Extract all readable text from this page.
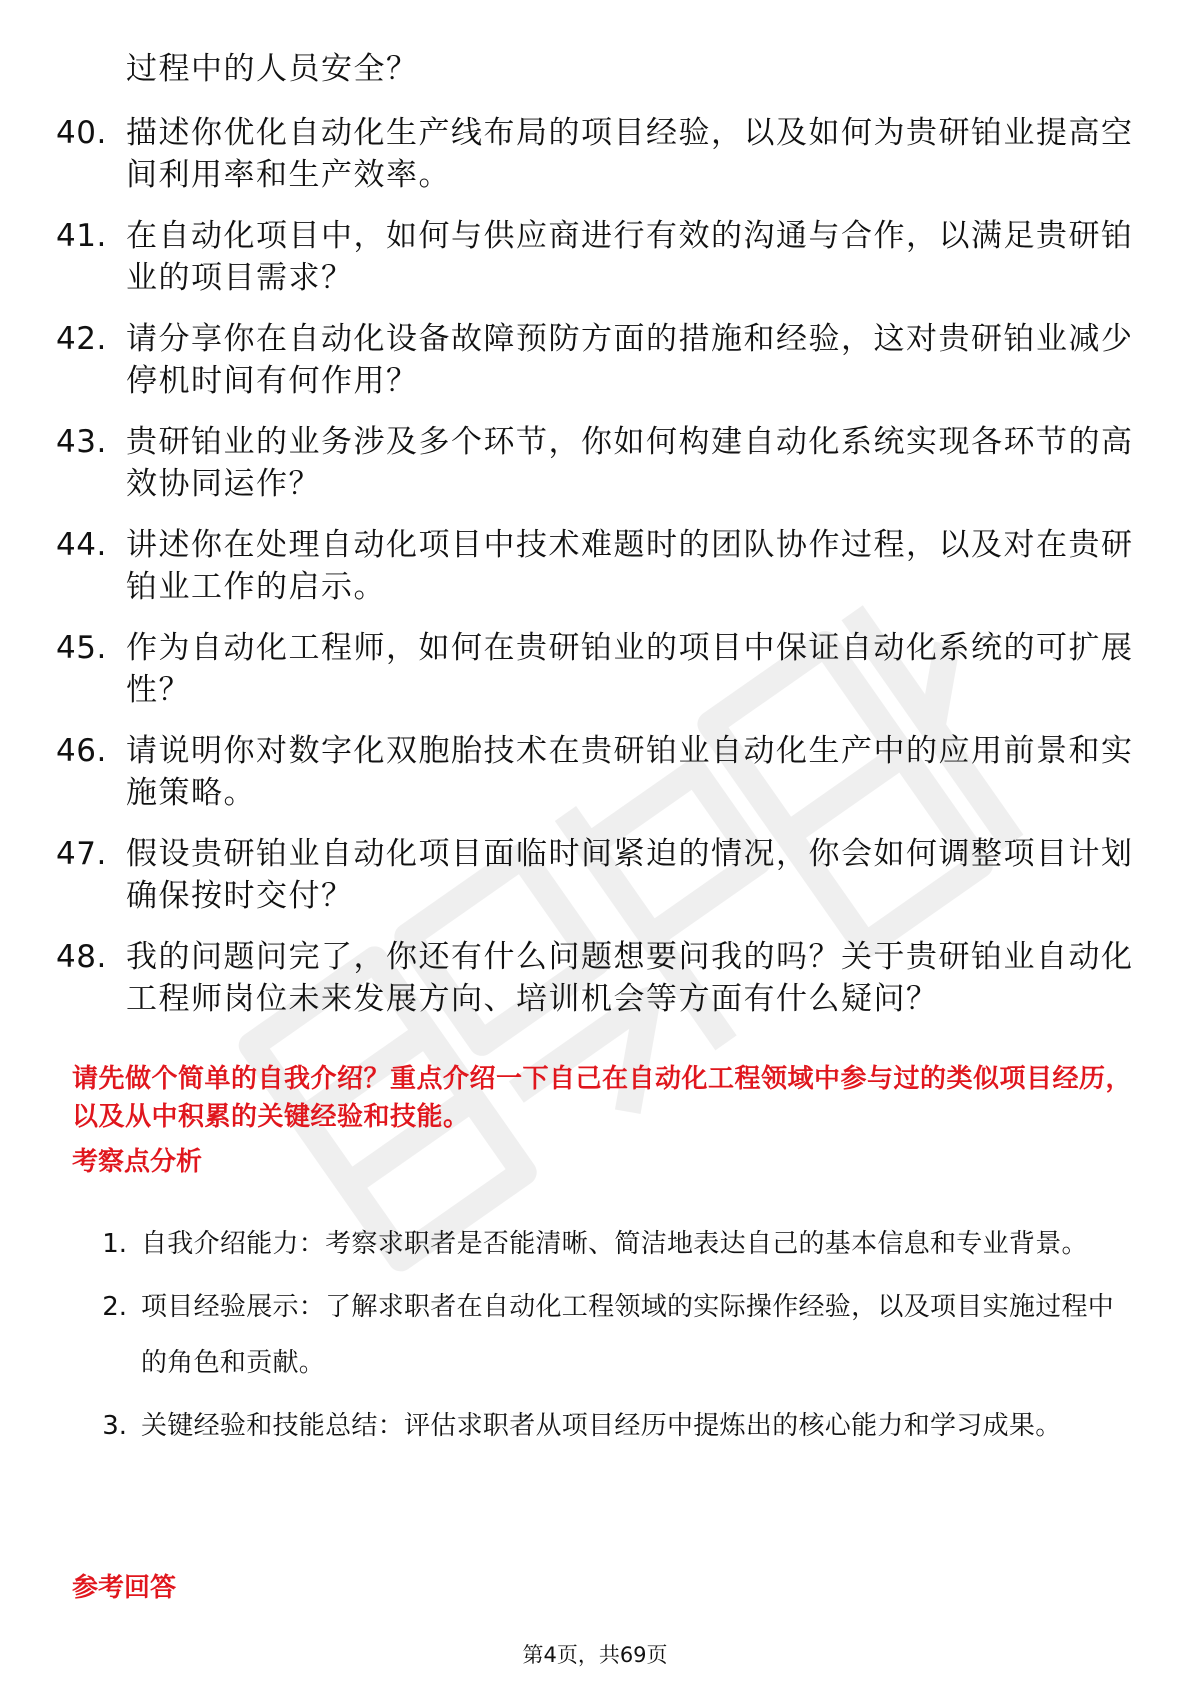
过程中的人员安全？
40. 描述你优化自动化生产线布局的项目经验，以及如何为贵研铂业提高空间利用率和生产效率。
41. 在自动化项目中，如何与供应商进行有效的沟通与合作，以满足贵研铂业的项目需求？
42. 请分享你在自动化设备故障预防方面的措施和经验，这对贵研铂业减少停机时间有何作用？
43. 贵研铂业的业务涉及多个环节，你如何构建自动化系统实现各环节的高效协同运作？
44. 讲述你在处理自动化项目中技术难题时的团队协作过程，以及对在贵研铂业工作的启示。
45. 作为自动化工程师，如何在贵研铂业的项目中保证自动化系统的可扩展性？
46. 请说明你对数字化双胞胎技术在贵研铂业自动化生产中的应用前景和实施策略。
47. 假设贵研铂业自动化项目面临时间紧迫的情况，你会如何调整项目计划确保按时交付？
48. 我的问题问完了，你还有什么问题想要问我的吗？关于贵研铂业自动化工程师岗位未来发展方向、培训机会等方面有什么疑问？
请先做个简单的自我介绍？重点介绍一下自己在自动化工程领域中参与过的类似项目经历，以及从中积累的关键经验和技能。
考察点分析
1. 自我介绍能力：考察求职者是否能清晰、简洁地表达自己的基本信息和专业背景。
2. 项目经验展示：了解求职者在自动化工程领域的实际操作经验，以及项目实施过程中的角色和贡献。
3. 关键经验和技能总结：评估求职者从项目经历中提炼出的核心能力和学习成果。
参考回答
第4页，共69页
